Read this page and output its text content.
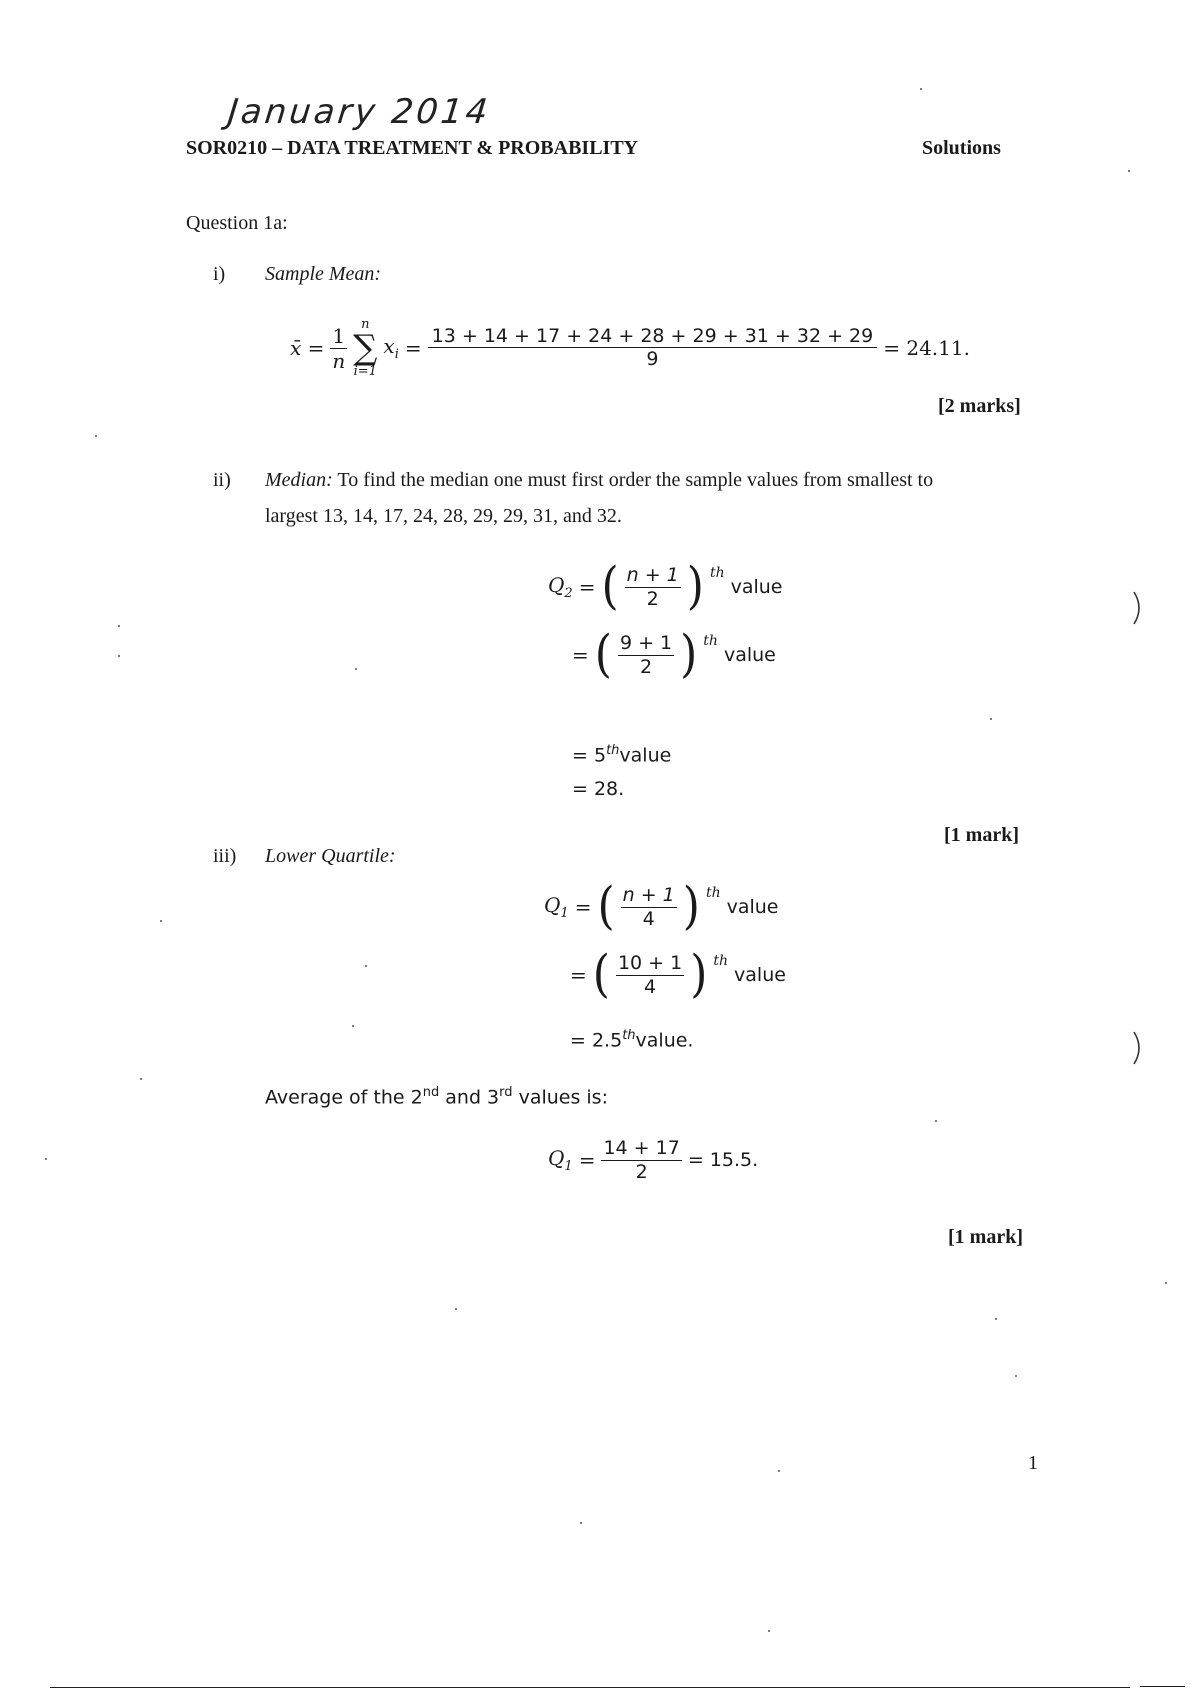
January 2014
SOR0210 – DATA TREATMENT & PROBABILITY	Solutions
Question 1a:
i) Sample Mean:
x̄ = $\frac{1}{n}$ n
∑
i=1
$x_i = \frac{13 + 14 + 17 + 24 + 28 + 29 + 31 + 32 + 29}{9} = 24.11$.
[2 marks]
ii) Median: To find the median one must first order the sample values from smallest to
largest 13, 14, 17, 24, 28, 29, 29, 31, and 32.
$Q_2$ = ( $\frac{n + 1}{2}$ ) th
value
= ( $\frac{9 + 1}{2}$ ) th
value
= 5thvalue
= 28.
[1 mark]
iii) Lower Quartile:
$Q_1$ = ( $\frac{n + 1}{4}$ ) th
value
= ( $\frac{10 + 1}{4}$ ) th
value
= 2.5thvalue.
Average of the 2nd and 3rd values is:
$Q_1 = \frac{14 + 17}{2} = 15.5$.
[1 mark]
1
